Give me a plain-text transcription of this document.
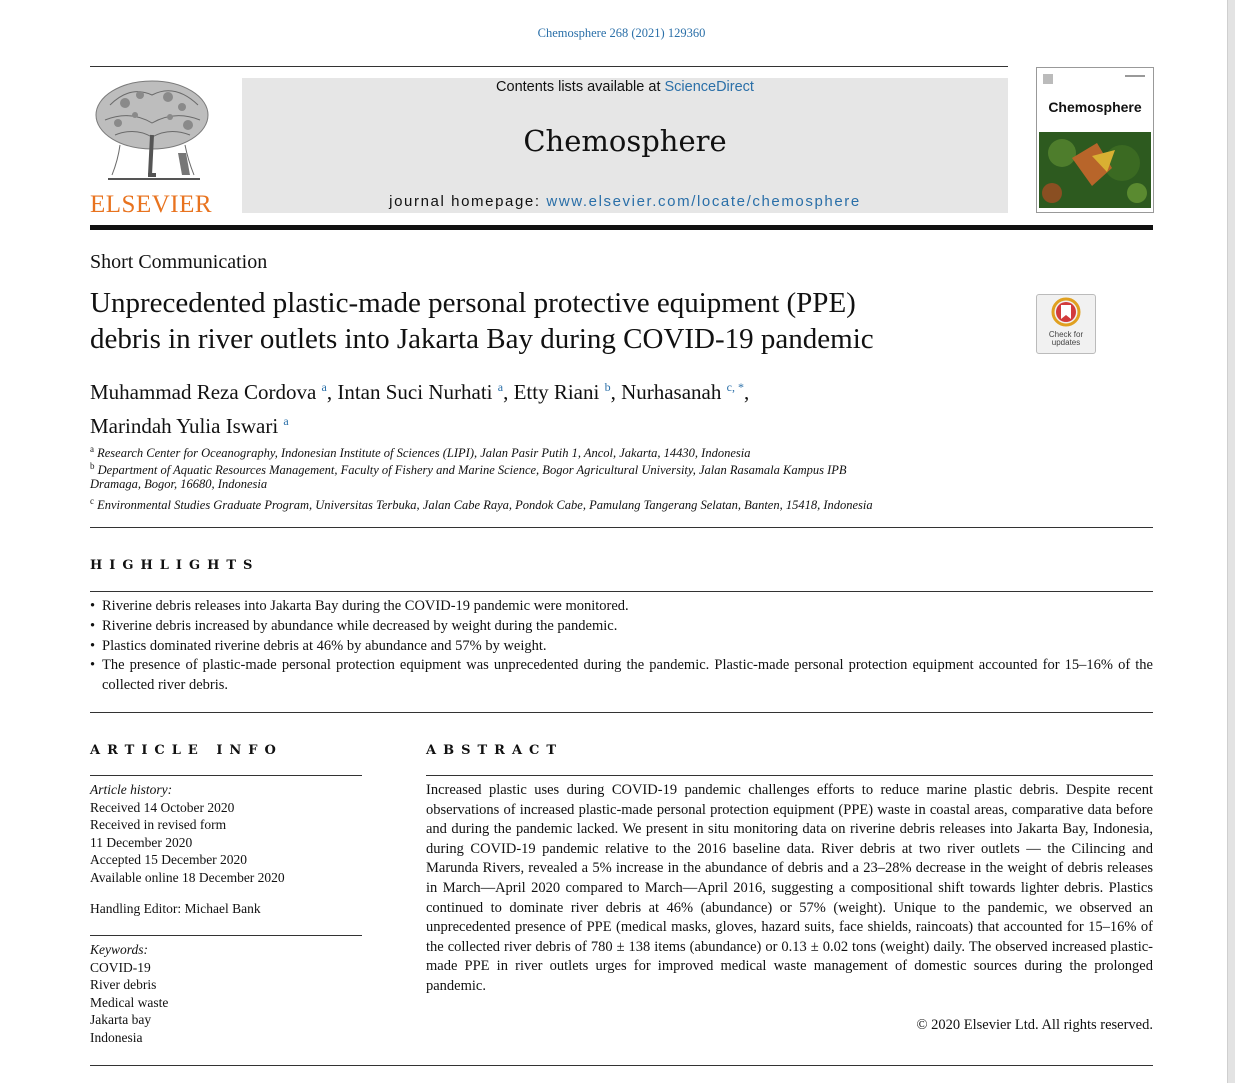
Chemosphere 268 (2021) 129360
ELSEVIER
Contents lists available at ScienceDirect
Chemosphere
journal homepage: www.elsevier.com/locate/chemosphere
Chemosphere
Short Communication
Unprecedented plastic-made personal protective equipment (PPE)
debris in river outlets into Jakarta Bay during COVID-19 pandemic	Check for updates
Muhammad Reza Cordova $^a$, Intan Suci Nurhati $^a$, Etty Riani $^b$, Nurhasanah $^{c, *}$,
Marindah Yulia Iswari $^a$
$^a$ Research Center for Oceanography, Indonesian Institute of Sciences (LIPI), Jalan Pasir Putih 1, Ancol, Jakarta, 14430, Indonesia
$^b$ Department of Aquatic Resources Management, Faculty of Fishery and Marine Science, Bogor Agricultural University, Jalan Rasamala Kampus IPB
Dramaga, Bogor, 16680, Indonesia
$^c$ Environmental Studies Graduate Program, Universitas Terbuka, Jalan Cabe Raya, Pondok Cabe, Pamulang Tangerang Selatan, Banten, 15418, Indonesia
HIGHLIGHTS
• Riverine debris releases into Jakarta Bay during the COVID-19 pandemic were monitored.
• Riverine debris increased by abundance while decreased by weight during the pandemic.
• Plastics dominated riverine debris at 46% by abundance and 57% by weight.
• The presence of plastic-made personal protection equipment was unprecedented during the pandemic. Plastic-made personal protection equipment accounted for 15–16% of the collected river debris.
ARTICLE INFO
Article history:
Received 14 October 2020
Received in revised form
11 December 2020
Accepted 15 December 2020
Available online 18 December 2020
Handling Editor: Michael Bank
Keywords:
COVID-19
River debris
Medical waste
Jakarta bay
Indonesia
ABSTRACT
Increased plastic uses during COVID-19 pandemic challenges efforts to reduce marine plastic debris. Despite recent observations of increased plastic-made personal protection equipment (PPE) waste in coastal areas, comparative data before and during the pandemic lacked. We present in situ monitoring data on riverine debris releases into Jakarta Bay, Indonesia, during COVID-19 pandemic relative to the 2016 baseline data. River debris at two river outlets — the Cilincing and Marunda Rivers, revealed a 5% increase in the abundance of debris and a 23–28% decrease in the weight of debris releases in March—April 2020 compared to March—April 2016, suggesting a compositional shift towards lighter debris. Plastics continued to dominate river debris at 46% (abundance) or 57% (weight). Unique to the pandemic, we observed an unprecedented presence of PPE (medical masks, gloves, hazard suits, face shields, raincoats) that accounted for 15–16% of the collected river debris of 780 ± 138 items (abundance) or 0.13 ± 0.02 tons (weight) daily. The observed increased plastic-made PPE in river outlets urges for improved medical waste management of domestic sources during the prolonged pandemic.
© 2020 Elsevier Ltd. All rights reserved.
